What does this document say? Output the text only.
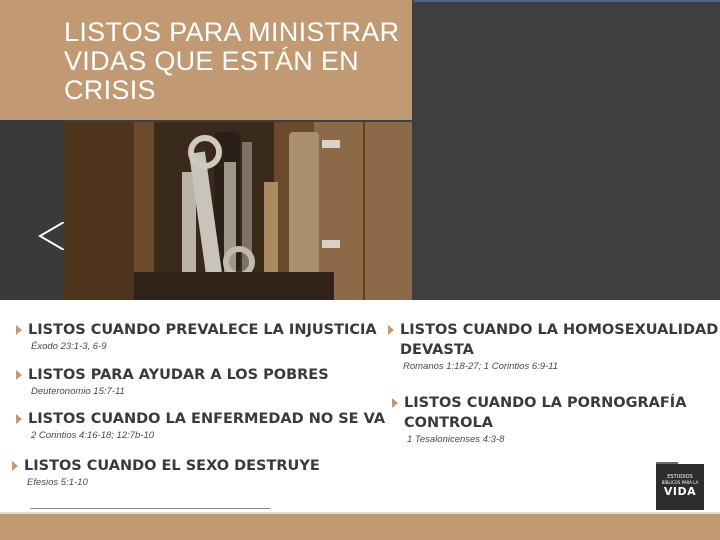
LISTOS PARA MINISTRAR
VIDAS QUE ESTÁN EN
CRISIS
LISTOS CUANDO PREVALECE LA INJUSTICIA
Éxodo 23:1-3, 6-9
LISTOS PARA AYUDAR A LOS POBRES
Deuteronomio 15:7-11
LISTOS CUANDO LA ENFERMEDAD NO SE VA
2 Corintios 4:16-18; 12:7b-10
LISTOS CUANDO EL SEXO DESTRUYE
Efesios 5:1-10
LISTOS CUANDO LA HOMOSEXUALIDAD
DEVASTA
Romanos 1:18-27; 1 Corintios 6:9-11
LISTOS CUANDO LA PORNOGRAFÍA
CONTROLA
1 Tesalonicenses 4:3-8
ESTUDIOS
BÍBLICOS PARA LA
VIDA
